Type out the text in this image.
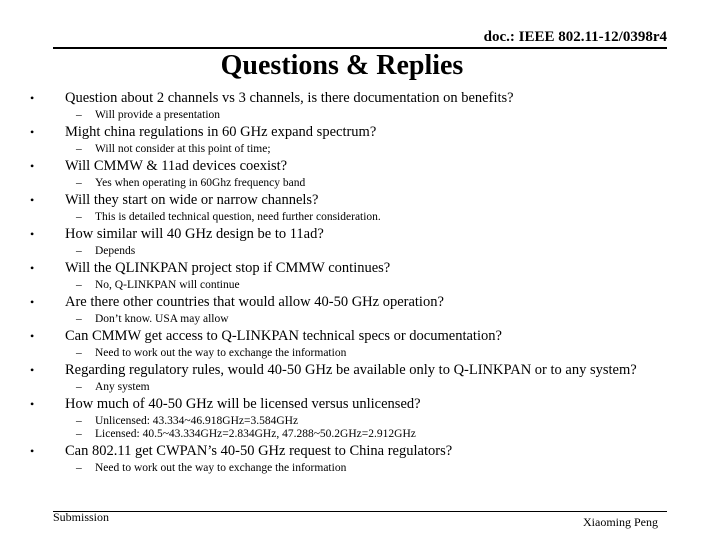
doc.: IEEE 802.11-12/0398r4
Questions & Replies
• Question about 2 channels vs 3 channels, is there documentation on benefits?
– Will provide a presentation
• Might china regulations in 60 GHz expand spectrum?
– Will not consider at this point of time;
• Will CMMW & 11ad devices coexist?
– Yes when operating in 60Ghz frequency band
• Will they start on wide or narrow channels?
– This is detailed technical question, need further consideration.
• How similar will 40 GHz design be to 11ad?
– Depends
• Will the QLINKPAN project stop if CMMW continues?
– No, Q-LINKPAN will continue
• Are there other countries that would allow 40-50 GHz operation?
– Don’t know. USA may allow
• Can CMMW get access to Q-LINKPAN technical specs or documentation?
– Need to work out the way to exchange the information
• Regarding regulatory rules, would 40-50 GHz be available only to Q-LINKPAN or to any system?
– Any system
• How much of 40-50 GHz will be licensed versus unlicensed?
– Unlicensed: 43.334~46.918GHz=3.584GHz
– Licensed: 40.5~43.334GHz=2.834GHz, 47.288~50.2GHz=2.912GHz
• Can 802.11 get CWPAN’s 40-50 GHz request to China regulators?
– Need to work out the way to exchange the information
Submission	Xiaoming Peng
